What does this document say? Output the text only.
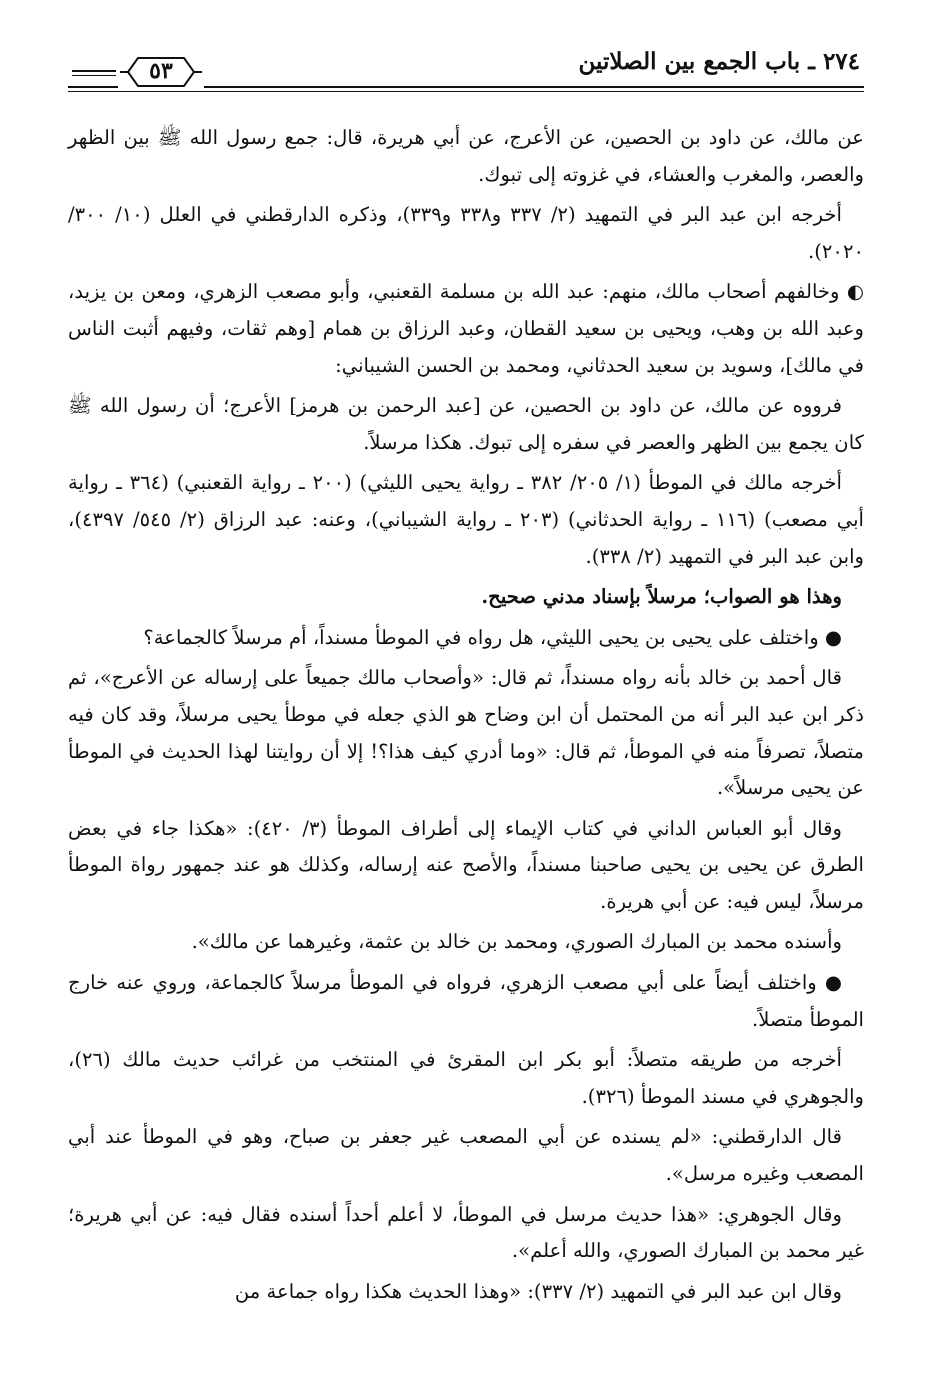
٢٧٤ ـ باب الجمع بين الصلاتين
٥٣

عن مالك، عن داود بن الحصين، عن الأعرج، عن أبي هريرة، قال: جمع رسول الله ﷺ بين الظهر والعصر، والمغرب والعشاء، في غزوته إلى تبوك.

أخرجه ابن عبد البر في التمهيد (٢/ ٣٣٧ و٣٣٨ و٣٣٩)، وذكره الدارقطني في العلل (١٠/ ٣٠٠/ ٢٠٢٠).

◐ وخالفهم أصحاب مالك، منهم: عبد الله بن مسلمة القعنبي، وأبو مصعب الزهري، ومعن بن يزيد، وعبد الله بن وهب، ويحيى بن سعيد القطان، وعبد الرزاق بن همام [وهم ثقات، وفيهم أثبت الناس في مالك]، وسويد بن سعيد الحدثاني، ومحمد بن الحسن الشيباني:

فرووه عن مالك، عن داود بن الحصين، عن [عبد الرحمن بن هرمز] الأعرج؛ أن رسول الله ﷺ كان يجمع بين الظهر والعصر في سفره إلى تبوك. هكذا مرسلاً.

أخرجه مالك في الموطأ (١/ ٢٠٥/ ٣٨٢ ـ رواية يحيى الليثي) (٢٠٠ ـ رواية القعنبي) (٣٦٤ ـ رواية أبي مصعب) (١١٦ ـ رواية الحدثاني) (٢٠٣ ـ رواية الشيباني)، وعنه: عبد الرزاق (٢/ ٥٤٥/ ٤٣٩٧)، وابن عبد البر في التمهيد (٢/ ٣٣٨).

وهذا هو الصواب؛ مرسلاً بإسناد مدني صحيح.

● واختلف على يحيى بن يحيى الليثي، هل رواه في الموطأ مسنداً، أم مرسلاً كالجماعة؟

قال أحمد بن خالد بأنه رواه مسنداً، ثم قال: «وأصحاب مالك جميعاً على إرساله عن الأعرج»، ثم ذكر ابن عبد البر أنه من المحتمل أن ابن وضاح هو الذي جعله في موطأ يحيى مرسلاً، وقد كان فيه متصلاً، تصرفاً منه في الموطأ، ثم قال: «وما أدري كيف هذا؟! إلا أن روايتنا لهذا الحديث في الموطأ عن يحيى مرسلاً».

وقال أبو العباس الداني في كتاب الإيماء إلى أطراف الموطأ (٣/ ٤٢٠): «هكذا جاء في بعض الطرق عن يحيى بن يحيى صاحبنا مسنداً، والأصح عنه إرساله، وكذلك هو عند جمهور رواة الموطأ مرسلاً، ليس فيه: عن أبي هريرة.

وأسنده محمد بن المبارك الصوري، ومحمد بن خالد بن عثمة، وغيرهما عن مالك».

● واختلف أيضاً على أبي مصعب الزهري، فرواه في الموطأ مرسلاً كالجماعة، وروي عنه خارج الموطأ متصلاً.

أخرجه من طريقه متصلاً: أبو بكر ابن المقرئ في المنتخب من غرائب حديث مالك (٢٦)، والجوهري في مسند الموطأ (٣٢٦).

قال الدارقطني: «لم يسنده عن أبي المصعب غير جعفر بن صباح، وهو في الموطأ عند أبي المصعب وغيره مرسل».

وقال الجوهري: «هذا حديث مرسل في الموطأ، لا أعلم أحداً أسنده فقال فيه: عن أبي هريرة؛ غير محمد بن المبارك الصوري، والله أعلم».

وقال ابن عبد البر في التمهيد (٢/ ٣٣٧): «وهذا الحديث هكذا رواه جماعة من
